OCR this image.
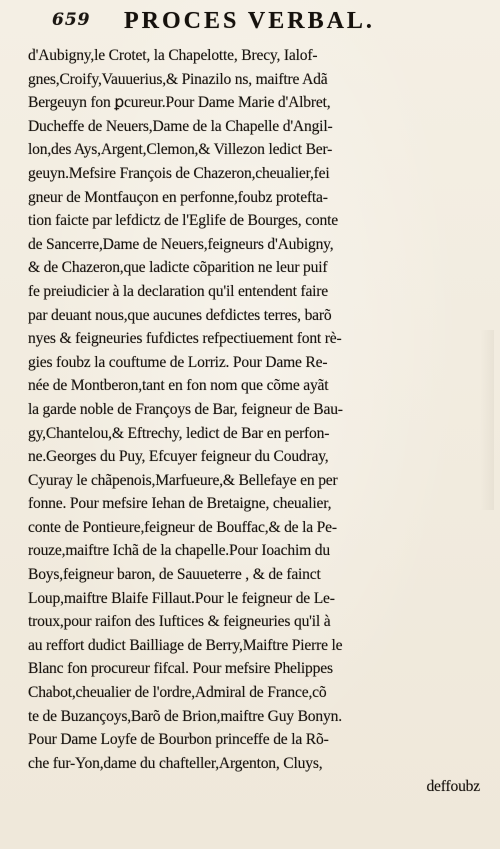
659 PROCES VERBAL.
d'Aubigny,le Crotet, la Chapelotte, Brecy, Ialof-
gnes,Croify,Vauuerius,& Pinazilo ns, maiftre Adã
Bergeuyn fon ꝑcureur.Pour Dame Marie d'Albret,
Ducheffe de Neuers,Dame de la Chapelle d'Angil-
lon,des Ays,Argent,Clemon,& Villezon ledict Ber-
geuyn.Mefsire François de Chazeron,cheualier,fei
gneur de Montfauçon en perfonne,foubz protefta-
tion faicte par lefdictz de l'Eglife de Bourges, conte
de Sancerre,Dame de Neuers,feigneurs d'Aubigny,
& de Chazeron,que ladicte cõparition ne leur puif
fe preiudicier à la declaration qu'il entendent faire
par deuant nous,que aucunes defdictes terres, barõ
nyes & feigneuries fufdictes refpectiuement font rè-
gies foubz la couftume de Lorriz. Pour Dame Re-
née de Montberon,tant en fon nom que cõme ayãt
la garde noble de Françoys de Bar, feigneur de Bau-
gy,Chantelou,& Eftrechy, ledict de Bar en perfon-
ne.Georges du Puy, Efcuyer feigneur du Coudray,
Cyuray le chãpenois,Marfueure,& Bellefaye en per
fonne. Pour mefsire Iehan de Bretaigne, cheualier,
conte de Pontieure,feigneur de Bouffac,& de la Pe-
rouze,maiftre Ichã de la chapelle.Pour Ioachim du
Boys,feigneur baron, de Sauueterre , & de fainct
Loup,maiftre Blaife Fillaut.Pour le feigneur de Le-
troux,pour raifon des Iuftices & feigneuries qu'il à
au reffort dudict Bailliage de Berry,Maiftre Pierre le
Blanc fon procureur fifcal. Pour mefsire Phelippes
Chabot,cheualier de l'ordre,Admiral de France,cõ
te de Buzançoys,Barõ de Brion,maiftre Guy Bonyn.
Pour Dame Loyfe de Bourbon princeffe de la Rõ-
che fur-Yon,dame du chafteller,Argenton, Cluys,
deffoubz
